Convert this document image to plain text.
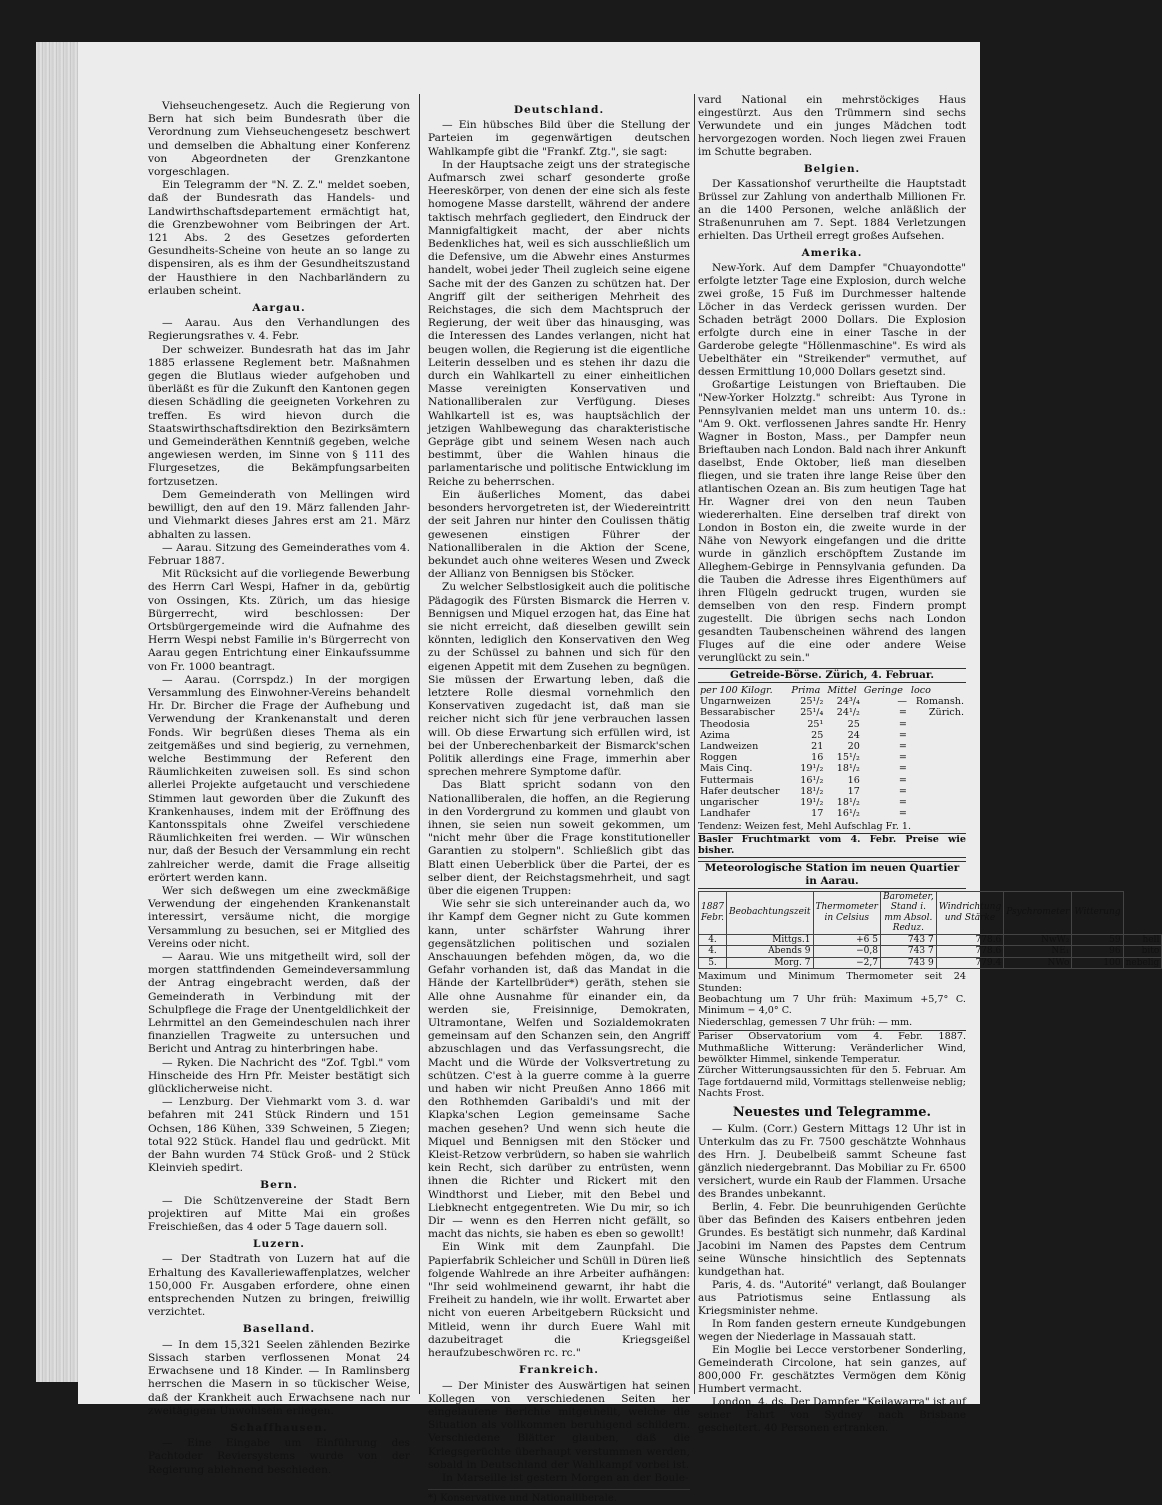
Viehseuchengesetz. Auch die Regierung von Bern hat sich beim Bundesrath über die Verordnung zum Viehseuchengesetz beschwert und demselben die Abhaltung einer Konferenz von Abgeordneten der Grenzkantone vorgeschlagen.

Ein Telegramm der "N. Z. Z." meldet soeben, daß der Bundesrath das Handels- und Landwirthschaftsdepartement ermächtigt hat, die Grenzbewohner vom Beibringen der Art. 121 Abs. 2 des Gesetzes geforderten Gesundheits-Scheine von heute an so lange zu dispensiren, als es ihm der Gesundheitszustand der Hausthiere in den Nachbarländern zu erlauben scheint.

Aargau.

— Aarau. Aus den Verhandlungen des Regierungsrathes v. 4. Febr.

Der schweizer. Bundesrath hat das im Jahr 1885 erlassene Reglement betr. Maßnahmen gegen die Blutlaus wieder aufgehoben und überläßt es für die Zukunft den Kantonen gegen diesen Schädling die geeigneten Vorkehren zu treffen. Es wird hievon durch die Staatswirthschaftsdirektion den Bezirksämtern und Gemeinderäthen Kenntniß gegeben, welche angewiesen werden, im Sinne von § 111 des Flurgesetzes, die Bekämpfungsarbeiten fortzusetzen.

Dem Gemeinderath von Mellingen wird bewilligt, den auf den 19. März fallenden Jahr- und Viehmarkt dieses Jahres erst am 21. März abhalten zu lassen.

— Aarau. Sitzung des Gemeinderathes vom 4. Februar 1887.

Mit Rücksicht auf die vorliegende Bewerbung des Herrn Carl Wespi, Hafner in da, gebürtig von Ossingen, Kts. Zürich, um das hiesige Bürgerrecht, wird beschlossen: Der Ortsbürgergemeinde wird die Aufnahme des Herrn Wespi nebst Familie in's Bürgerrecht von Aarau gegen Entrichtung einer Einkaufssumme von Fr. 1000 beantragt.

— Aarau. (Corrspdz.) In der morgigen Versammlung des Einwohner-Vereins behandelt Hr. Dr. Bircher die Frage der Aufhebung und Verwendung der Krankenanstalt und deren Fonds. Wir begrüßen dieses Thema als ein zeitgemäßes und sind begierig, zu vernehmen, welche Bestimmung der Referent den Räumlichkeiten zuweisen soll. Es sind schon allerlei Projekte aufgetaucht und verschiedene Stimmen laut geworden über die Zukunft des Krankenhauses, indem mit der Eröffnung des Kantonsspitals ohne Zweifel verschiedene Räumlichkeiten frei werden. — Wir wünschen nur, daß der Besuch der Versammlung ein recht zahlreicher werde, damit die Frage allseitig erörtert werden kann.

Wer sich deßwegen um eine zweckmäßige Verwendung der eingehenden Krankenanstalt interessirt, versäume nicht, die morgige Versammlung zu besuchen, sei er Mitglied des Vereins oder nicht.

— Aarau. Wie uns mitgetheilt wird, soll der morgen stattfindenden Gemeindeversammlung der Antrag eingebracht werden, daß der Gemeinderath in Verbindung mit der Schulpflege die Frage der Unentgeldlichkeit der Lehrmittel an den Gemeindeschulen nach ihrer finanziellen Tragweite zu untersuchen und Bericht und Antrag zu hinterbringen habe.

— Ryken. Die Nachricht des "Zof. Tgbl." vom Hinscheide des Hrn Pfr. Meister bestätigt sich glücklicherweise nicht.

— Lenzburg. Der Viehmarkt vom 3. d. war befahren mit 241 Stück Rindern und 151 Ochsen, 186 Kühen, 339 Schweinen, 5 Ziegen; total 922 Stück. Handel flau und gedrückt. Mit der Bahn wurden 74 Stück Groß- und 2 Stück Kleinvieh spedirt.

Bern.

— Die Schützenvereine der Stadt Bern projektiren auf Mitte Mai ein großes Freischießen, das 4 oder 5 Tage dauern soll.

Luzern.

— Der Stadtrath von Luzern hat auf die Erhaltung des Kavalleriewaffenplatzes, welcher 150,000 Fr. Ausgaben erfordere, ohne einen entsprechenden Nutzen zu bringen, freiwillig verzichtet.

Baselland.

— In dem 15,321 Seelen zählenden Bezirke Sissach starben verflossenen Monat 24 Erwachsene und 18 Kinder. — In Ramlinsberg herrschen die Masern in so tückischer Weise, daß der Krankheit auch Erwachsene nach nur zweitägigem Unwohlsein erliegen.

Schaffhausen.

— Eine Eingabe um Einführung des Pachtoder Reviersystems wurde von der Regierung ablehnend beschieden.

Deutschland.

— Ein hübsches Bild über die Stellung der Parteien im gegenwärtigen deutschen Wahlkampfe gibt die "Frankf. Ztg.", sie sagt:

In der Hauptsache zeigt uns der strategische Aufmarsch zwei scharf gesonderte große Heereskörper, von denen der eine sich als feste homogene Masse darstellt, während der andere taktisch mehrfach gegliedert, den Eindruck der Mannigfaltigkeit macht, der aber nichts Bedenkliches hat, weil es sich ausschließlich um die Defensive, um die Abwehr eines Ansturmes handelt, wobei jeder Theil zugleich seine eigene Sache mit der des Ganzen zu schützen hat. Der Angriff gilt der seitherigen Mehrheit des Reichstages, die sich dem Machtspruch der Regierung, der weit über das hinausging, was die Interessen des Landes verlangen, nicht hat beugen wollen, die Regierung ist die eigentliche Leiterin desselben und es stehen ihr dazu die durch ein Wahlkartell zu einer einheitlichen Masse vereinigten Konservativen und Nationalliberalen zur Verfügung. Dieses Wahlkartell ist es, was hauptsächlich der jetzigen Wahlbewegung das charakteristische Gepräge gibt und seinem Wesen nach auch bestimmt, über die Wahlen hinaus die parlamentarische und politische Entwicklung im Reiche zu beherrschen.

Ein äußerliches Moment, das dabei besonders hervorgetreten ist, der Wiedereintritt der seit Jahren nur hinter den Coulissen thätig gewesenen einstigen Führer der Nationalliberalen in die Aktion der Scene, bekundet auch ohne weiteres Wesen und Zweck der Allianz von Bennigsen bis Stöcker.

Zu welcher Selbstlosigkeit auch die politische Pädagogik des Fürsten Bismarck die Herren v. Bennigsen und Miquel erzogen hat, das Eine hat sie nicht erreicht, daß dieselben gewillt sein könnten, lediglich den Konservativen den Weg zu der Schüssel zu bahnen und sich für den eigenen Appetit mit dem Zusehen zu begnügen. Sie müssen der Erwartung leben, daß die letztere Rolle diesmal vornehmlich den Konservativen zugedacht ist, daß man sie reicher nicht sich für jene verbrauchen lassen will. Ob diese Erwartung sich erfüllen wird, ist bei der Unberechenbarkeit der Bismarck'schen Politik allerdings eine Frage, immerhin aber sprechen mehrere Symptome dafür.

Das Blatt spricht sodann von den Nationalliberalen, die hoffen, an die Regierung in den Vordergrund zu kommen und glaubt von ihnen, sie seien nun soweit gekommen, um "nicht mehr über die Frage konstitutioneller Garantien zu stolpern". Schließlich gibt das Blatt einen Ueberblick über die Partei, der es selber dient, der Reichstagsmehrheit, und sagt über die eigenen Truppen:

Wie sehr sie sich untereinander auch da, wo ihr Kampf dem Gegner nicht zu Gute kommen kann, unter schärfster Wahrung ihrer gegensätzlichen politischen und sozialen Anschauungen befehden mögen, da, wo die Gefahr vorhanden ist, daß das Mandat in die Hände der Kartellbrüder*) geräth, stehen sie Alle ohne Ausnahme für einander ein, da werden sie, Freisinnige, Demokraten, Ultramontane, Welfen und Sozialdemokraten gemeinsam auf den Schanzen sein, den Angriff abzuschlagen und das Verfassungsrecht, die Macht und die Würde der Volksvertretung zu schützen. C'est à la guerre comme à la guerre und haben wir nicht Preußen Anno 1866 mit den Rothhemden Garibaldi's und mit der Klapka'schen Legion gemeinsame Sache machen gesehen? Und wenn sich heute die Miquel und Bennigsen mit den Stöcker und Kleist-Retzow verbrüdern, so haben sie wahrlich kein Recht, sich darüber zu entrüsten, wenn ihnen die Richter und Rickert mit den Windthorst und Lieber, mit den Bebel und Liebknecht entgegentreten. Wie Du mir, so ich Dir — wenn es den Herren nicht gefällt, so macht das nichts, sie haben es eben so gewollt!

Ein Wink mit dem Zaunpfahl. Die Papierfabrik Schleicher und Schüll in Düren ließ folgende Wahlrede an ihre Arbeiter aufhängen: "Ihr seid wohlmeinend gewarnt, ihr habt die Freiheit zu handeln, wie ihr wollt. Erwartet aber nicht von eueren Arbeitgebern Rücksicht und Mitleid, wenn ihr durch Euere Wahl mit dazubeitraget die Kriegsgeißel heraufzubeschwören rc. rc."

Frankreich.

— Der Minister des Auswärtigen hat seinen Kollegen von verschiedenen Seiten her eingelaufene Berichte mitgetheilt, welche die Situation als vollkommen beruhigend schildern. Verschiedene Blätter glauben, daß die Kriegsgerüchte überhaupt verstummen werden, sobald in Deutschland der Wahlkampf vorbei ist.

In Marseille ist gestern Morgen an der Boule-

*) Konservative und Nationalliberale.

vard National ein mehrstöckiges Haus eingestürzt. Aus den Trümmern sind sechs Verwundete und ein junges Mädchen todt hervorgezogen worden. Noch liegen zwei Frauen im Schutte begraben.

Belgien.

Der Kassationshof verurtheilte die Hauptstadt Brüssel zur Zahlung von anderthalb Millionen Fr. an die 1400 Personen, welche anläßlich der Straßenunruhen am 7. Sept. 1884 Verletzungen erhielten. Das Urtheil erregt großes Aufsehen.

Amerika.

New-York. Auf dem Dampfer "Chuayondotte" erfolgte letzter Tage eine Explosion, durch welche zwei große, 15 Fuß im Durchmesser haltende Löcher in das Verdeck gerissen wurden. Der Schaden beträgt 2000 Dollars. Die Explosion erfolgte durch eine in einer Tasche in der Garderobe gelegte "Höllenmaschine". Es wird als Uebelthäter ein "Streikender" vermuthet, auf dessen Ermittlung 10,000 Dollars gesetzt sind.

Großartige Leistungen von Brieftauben. Die "New-Yorker Holzztg." schreibt: Aus Tyrone in Pennsylvanien meldet man uns unterm 10. ds.: "Am 9. Okt. verflossenen Jahres sandte Hr. Henry Wagner in Boston, Mass., per Dampfer neun Brieftauben nach London. Bald nach ihrer Ankunft daselbst, Ende Oktober, ließ man dieselben fliegen, und sie traten ihre lange Reise über den atlantischen Ozean an. Bis zum heutigen Tage hat Hr. Wagner drei von den neun Tauben wiedererhalten. Eine derselben traf direkt von London in Boston ein, die zweite wurde in der Nähe von Newyork eingefangen und die dritte wurde in gänzlich erschöpftem Zustande im Alleghem-Gebirge in Pennsylvania gefunden. Da die Tauben die Adresse ihres Eigenthümers auf ihren Flügeln gedruckt trugen, wurden sie demselben von den resp. Findern prompt zugestellt. Die übrigen sechs nach London gesandten Taubenscheinen während des langen Fluges auf die eine oder andere Weise verunglückt zu sein."

Getreide-Börse. Zürich, 4. Februar.
per 100 Kilogr.	Prima	Mittel	Geringe	loco
Ungarnweizen	25¹/₂	24³/₄	—	Romansh.
Bessarabischer	25¹/₄	24¹/₂	=	Zürich.
Theodosia	25¹	25	=	
Azima	25	24	=	
Landweizen	21	20	=	
Roggen	16	15¹/₂	=	
Mais Cinq.	19¹/₂	18¹/₂	=	
Futtermais	16¹/₂	16	=	
Hafer deutscher	18¹/₂	17	=	
ungarischer	19¹/₂	18¹/₂	=	
Landhafer	17	16¹/₂	=	
Tendenz: Weizen fest, Mehl Aufschlag Fr. 1.
Basler Fruchtmarkt vom 4. Febr. Preise wie bisher.
Meteorologische Station im neuen Quartier in Aarau.
1887 Febr.	Beobachtungszeit	Thermometer in Celsius	Barometer, Stand i. mm Absol. Reduz.	Windrichtung und Stärke	Psychrometer	Witterung	
4.	Mittgs.1	+6 5	743 7	778.6	NwW₂	59	hell
4.	Abends 9	−0,8	743 7	778.6	NE₁	96	bito
5.	Morg. 7	−2,7	743 9	779.4	NWo	100	nebelig
Maximum und Minimum Thermometer seit 24 Stunden:
Beobachtung um 7 Uhr früh: Maximum +5,7° C. Minimum − 4,0° C.
Niederschlag, gemessen 7 Uhr früh: — mm.
Pariser Observatorium vom 4. Febr. 1887. Muthmaßliche Witterung: Veränderlicher Wind, bewölkter Himmel, sinkende Temperatur.
Zürcher Witterungsaussichten für den 5. Februar. Am Tage fortdauernd mild, Vormittags stellenweise neblig; Nachts Frost.
Neuestes und Telegramme.

— Kulm. (Corr.) Gestern Mittags 12 Uhr ist in Unterkulm das zu Fr. 7500 geschätzte Wohnhaus des Hrn. J. Deubelbeiß sammt Scheune fast gänzlich niedergebrannt. Das Mobiliar zu Fr. 6500 versichert, wurde ein Raub der Flammen. Ursache des Brandes unbekannt.

Berlin, 4. Febr. Die beunruhigenden Gerüchte über das Befinden des Kaisers entbehren jeden Grundes. Es bestätigt sich nunmehr, daß Kardinal Jacobini im Namen des Papstes dem Centrum seine Wünsche hinsichtlich des Septennats kundgethan hat.

Paris, 4. ds. "Autorité" verlangt, daß Boulanger aus Patriotismus seine Entlassung als Kriegsminister nehme.

In Rom fanden gestern erneute Kundgebungen wegen der Niederlage in Massauah statt.

Ein Moglie bei Lecce verstorbener Sonderling, Gemeinderath Circolone, hat sein ganzes, auf 800,000 Fr. geschätztes Vermögen dem König Humbert vermacht.

London, 4. ds. Der Dampfer "Keilawarra" ist auf seiner Fahrt von Sydney nach Brisbane gescheitert. 40 Personen ertranken.
